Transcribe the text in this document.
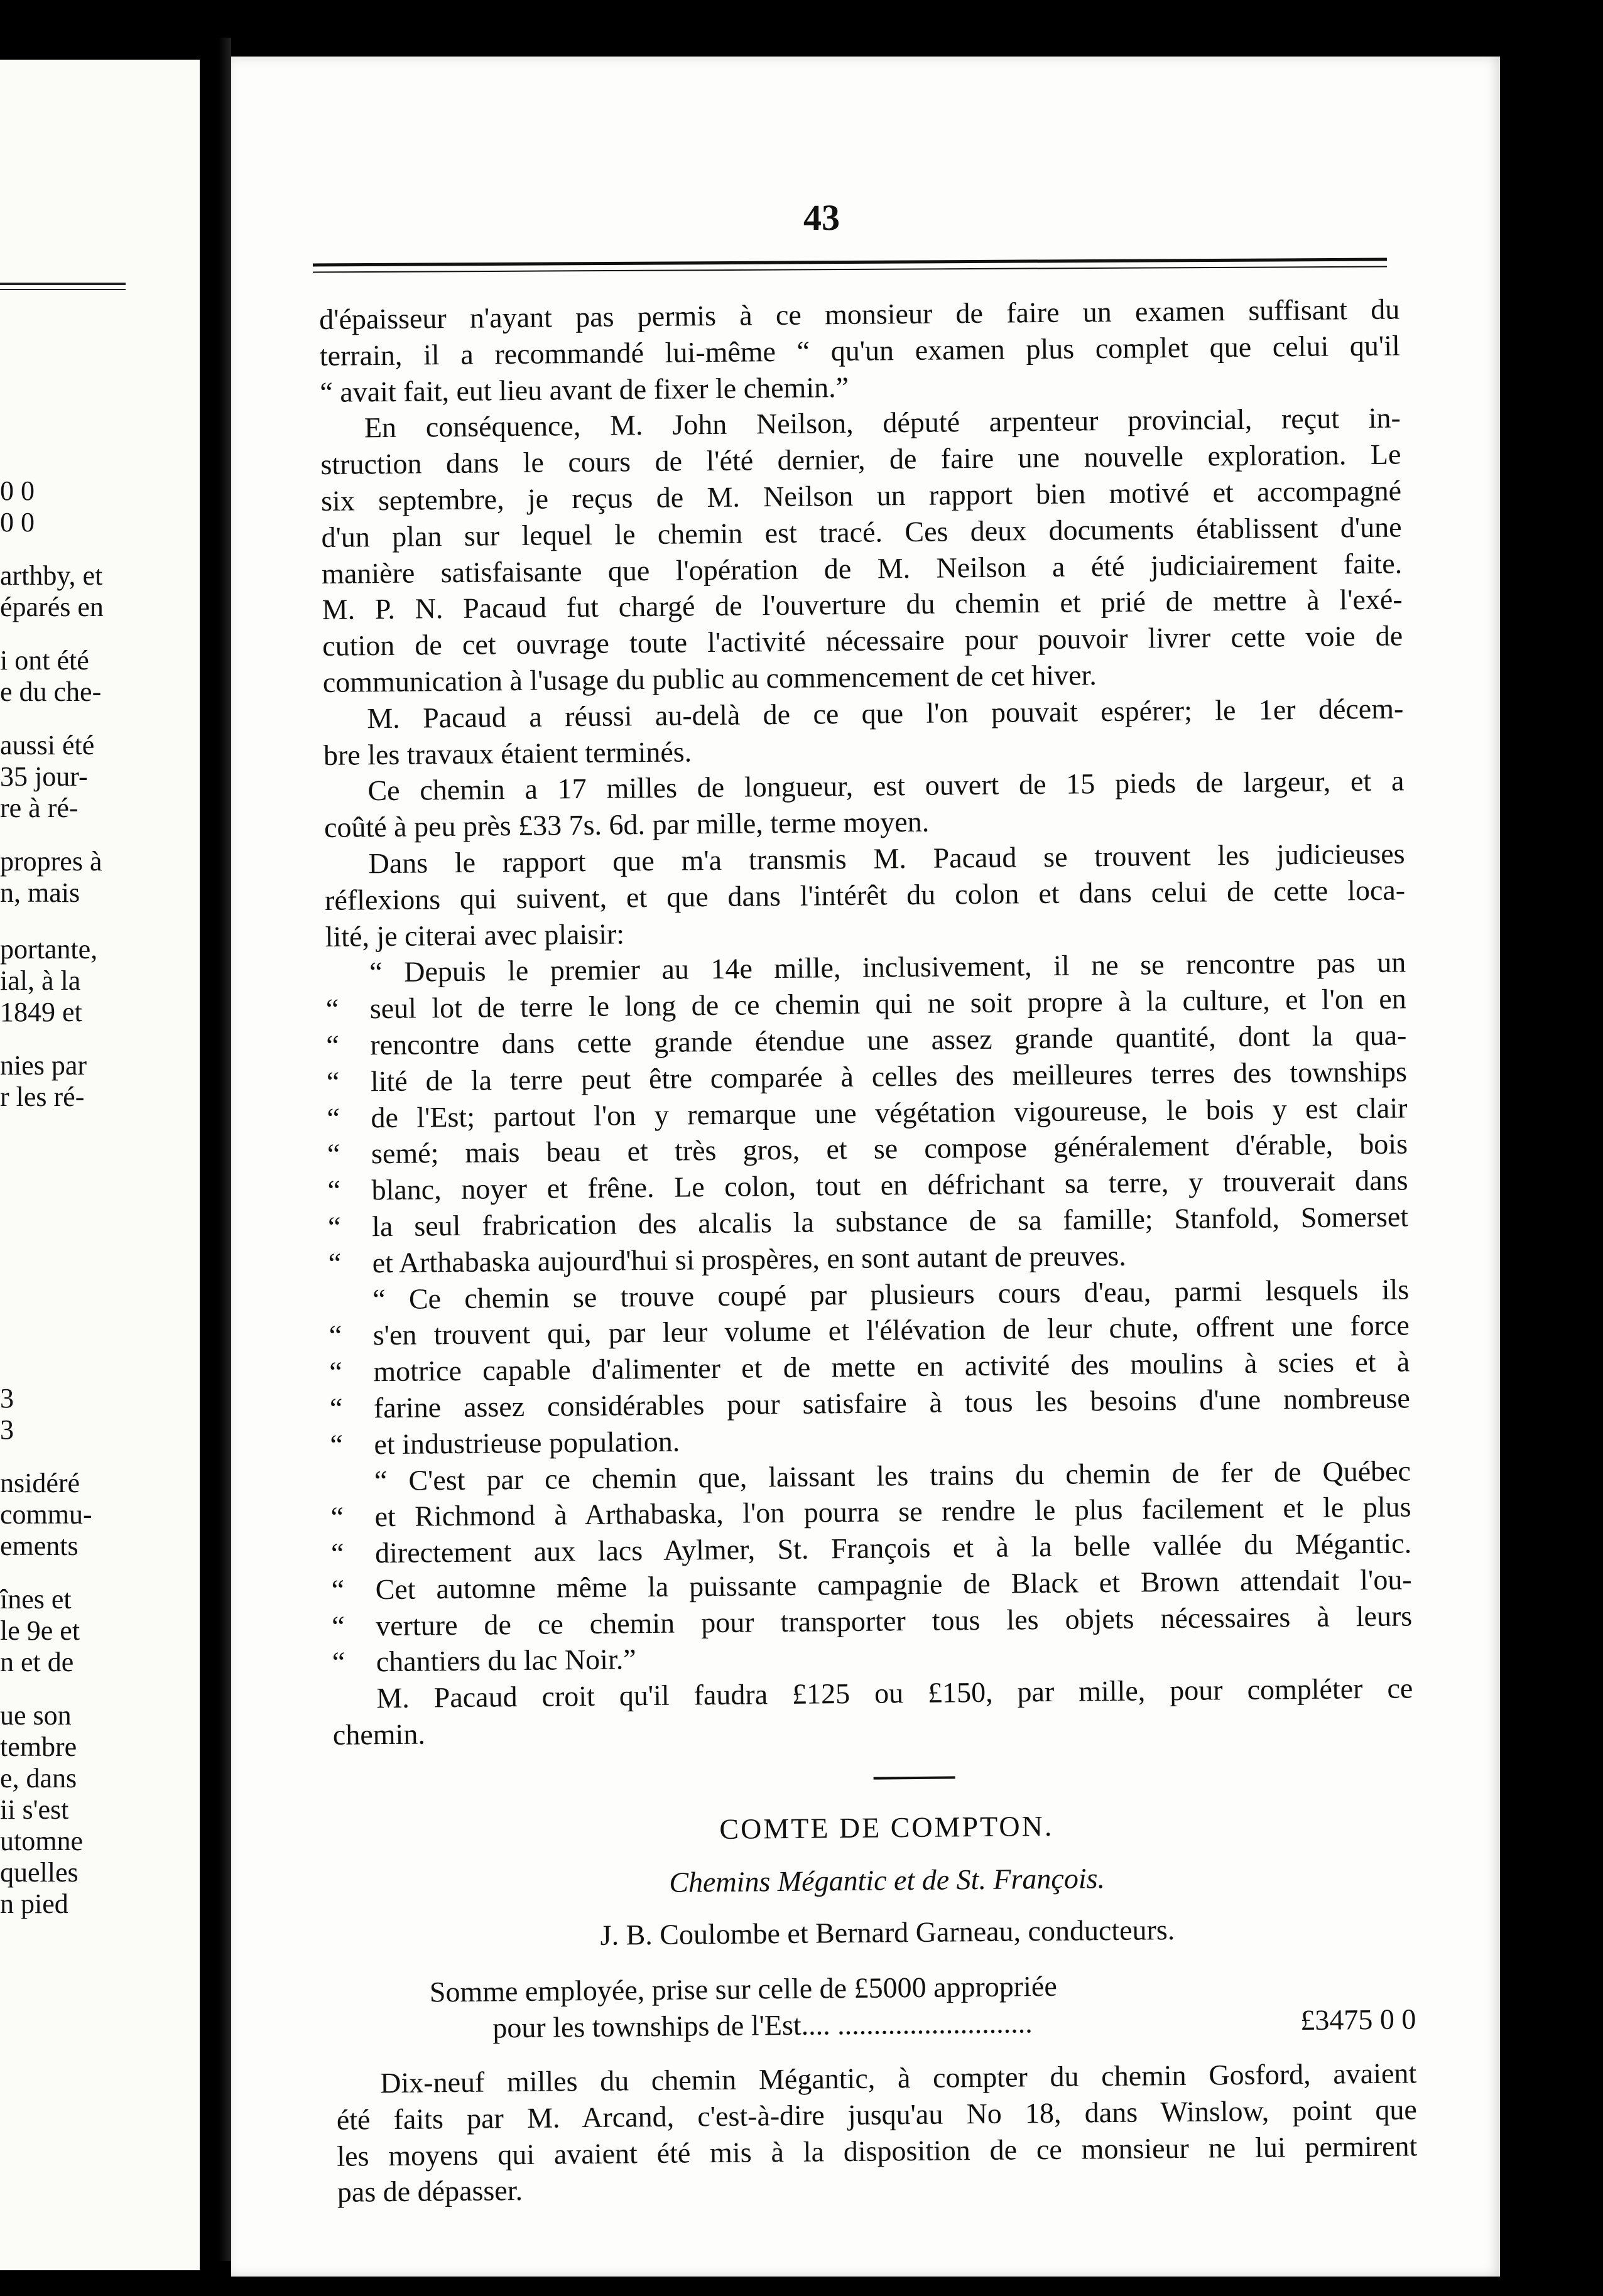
0 0
0 0
arthby, et
éparés en
i ont été
e du che-
aussi été
35 jour-
re à ré-
propres à
n, mais
portante,
ial, à la
1849 et
nies par
r les ré-
3
3
nsidéré
commu-
ements
înes et
le 9e et
n et de
ue son
tembre
e, dans
ii s'est
utomne
quelles
n pied
43
d'épaisseur n'ayant pas permis à ce monsieur de faire un examen suffisant du
terrain, il a recommandé lui-même “ qu'un examen plus complet que celui qu'il
“ avait fait, eut lieu avant de fixer le chemin.”
En conséquence, M. John Neilson, député arpenteur provincial, reçut in-
struction dans le cours de l'été dernier, de faire une nouvelle exploration. Le
six septembre, je reçus de M. Neilson un rapport bien motivé et accompagné
d'un plan sur lequel le chemin est tracé. Ces deux documents établissent d'une
manière satisfaisante que l'opération de M. Neilson a été judiciairement faite.
M. P. N. Pacaud fut chargé de l'ouverture du chemin et prié de mettre à l'exé-
cution de cet ouvrage toute l'activité nécessaire pour pouvoir livrer cette voie de
communication à l'usage du public au commencement de cet hiver.
M. Pacaud a réussi au-delà de ce que l'on pouvait espérer; le 1er décem-
bre les travaux étaient terminés.
Ce chemin a 17 milles de longueur, est ouvert de 15 pieds de largeur, et a
coûté à peu près £33 7s. 6d. par mille, terme moyen.
Dans le rapport que m'a transmis M. Pacaud se trouvent les judicieuses
réflexions qui suivent, et que dans l'intérêt du colon et dans celui de cette loca-
lité, je citerai avec plaisir:
“ Depuis le premier au 14e mille, inclusivement, il ne se rencontre pas un
“ seul lot de terre le long de ce chemin qui ne soit propre à la culture, et l'on en
“ rencontre dans cette grande étendue une assez grande quantité, dont la qua-
“ lité de la terre peut être comparée à celles des meilleures terres des townships
“ de l'Est; partout l'on y remarque une végétation vigoureuse, le bois y est clair
“ semé; mais beau et très gros, et se compose généralement d'érable, bois
“ blanc, noyer et frêne. Le colon, tout en défrichant sa terre, y trouverait dans
“ la seul frabrication des alcalis la substance de sa famille; Stanfold, Somerset
“ et Arthabaska aujourd'hui si prospères, en sont autant de preuves.
“ Ce chemin se trouve coupé par plusieurs cours d'eau, parmi lesquels ils
“ s'en trouvent qui, par leur volume et l'élévation de leur chute, offrent une force
“ motrice capable d'alimenter et de mette en activité des moulins à scies et à
“ farine assez considérables pour satisfaire à tous les besoins d'une nombreuse
“ et industrieuse population.
“ C'est par ce chemin que, laissant les trains du chemin de fer de Québec
“ et Richmond à Arthabaska, l'on pourra se rendre le plus facilement et le plus
“ directement aux lacs Aylmer, St. François et à la belle vallée du Mégantic.
“ Cet automne même la puissante campagnie de Black et Brown attendait l'ou-
“ verture de ce chemin pour transporter tous les objets nécessaires à leurs
“ chantiers du lac Noir.”
M. Pacaud croit qu'il faudra £125 ou £150, par mille, pour compléter ce
chemin.
COMTE DE COMPTON.
Chemins Mégantic et de St. François.
J. B. Coulombe et Bernard Garneau, conducteurs.
Somme employée, prise sur celle de £5000 appropriée
pour les townships de l'Est.... ...........................	£3475 0 0
Dix-neuf milles du chemin Mégantic, à compter du chemin Gosford, avaient
été faits par M. Arcand, c'est-à-dire jusqu'au No 18, dans Winslow, point que
les moyens qui avaient été mis à la disposition de ce monsieur ne lui permirent
pas de dépasser.
